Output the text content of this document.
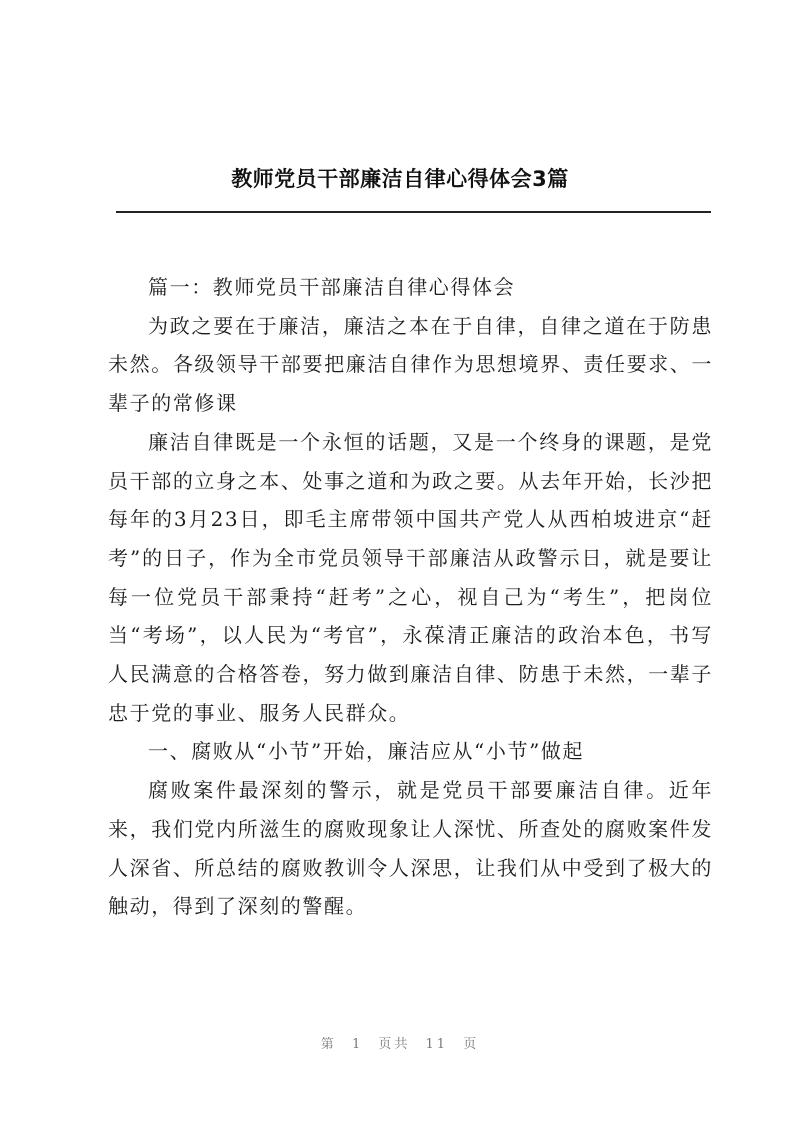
教师党员干部廉洁自律心得体会3篇

篇一：教师党员干部廉洁自律心得体会

为政之要在于廉洁，廉洁之本在于自律，自律之道在于防患未然。各级领导干部要把廉洁自律作为思想境界、责任要求、一辈子的常修课

廉洁自律既是一个永恒的话题，又是一个终身的课题，是党员干部的立身之本、处事之道和为政之要。从去年开始，长沙把每年的3月23日，即毛主席带领中国共产党人从西柏坡进京“赶考”的日子，作为全市党员领导干部廉洁从政警示日，就是要让每一位党员干部秉持“赶考”之心，视自己为“考生”，把岗位当“考场”，以人民为“考官”，永葆清正廉洁的政治本色，书写人民满意的合格答卷，努力做到廉洁自律、防患于未然，一辈子忠于党的事业、服务人民群众。

一、腐败从“小节”开始，廉洁应从“小节”做起

腐败案件最深刻的警示，就是党员干部要廉洁自律。近年来，我们党内所滋生的腐败现象让人深忧、所查处的腐败案件发人深省、所总结的腐败教训令人深思，让我们从中受到了极大的触动，得到了深刻的警醒。

第 1 页共 11 页
